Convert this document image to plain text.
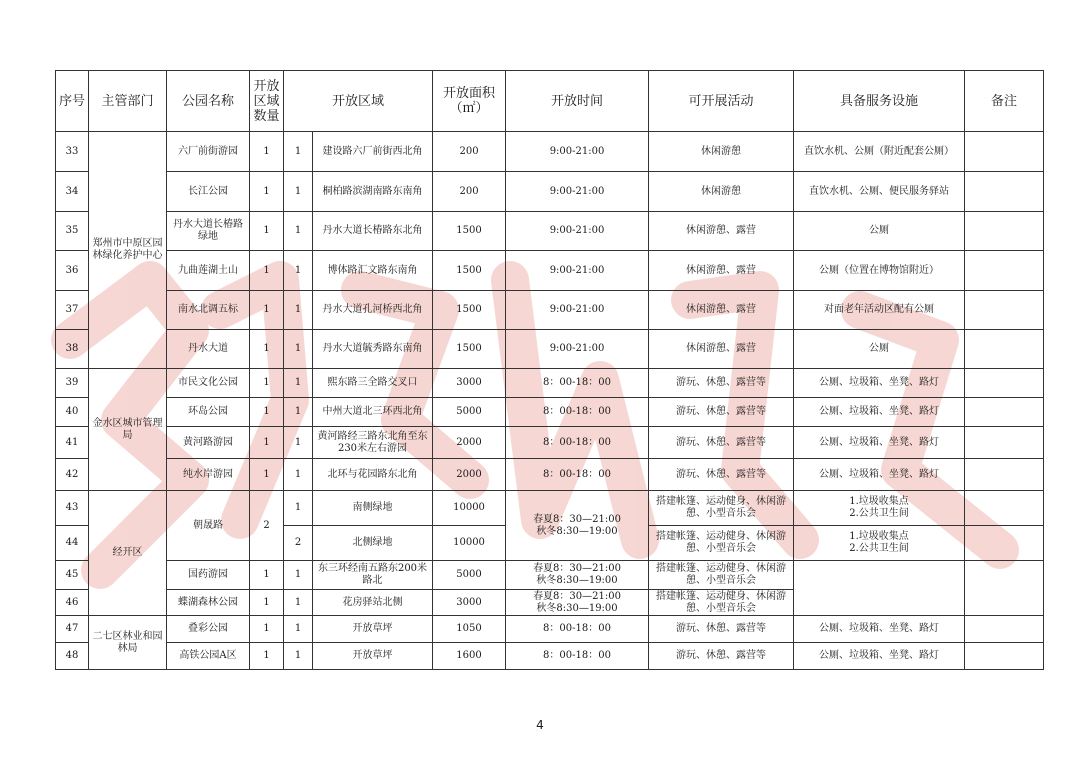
序号	主管部门	公园名称	开放区域数量	开放区域		开放面积（㎡）	开放时间	可开展活动	具备服务设施	备注
33	郑州市中原区园林绿化养护中心	六厂前街游园	1	1	建设路六厂前街西北角	200	9:00-21:00	休闲游憩	直饮水机、公厕（附近配套公厕）	
34		长江公园	1	1	桐柏路滨湖南路东南角	200	9:00-21:00	休闲游憩	直饮水机、公厕、便民服务驿站	
35		丹水大道长椿路绿地	1	1	丹水大道长椿路东北角	1500	9:00-21:00	休闲游憩、露营	公厕	
36		九曲莲湖土山	1	1	博体路汇文路东南角	1500	9:00-21:00	休闲游憩、露营	公厕（位置在博物馆附近）	
37		南水北调五标	1	1	丹水大道孔河桥西北角	1500	9:00-21:00	休闲游憩、露营	对面老年活动区配有公厕	
38		丹水大道	1	1	丹水大道毓秀路东南角	1500	9:00-21:00	休闲游憩、露营	公厕	
39	金水区城市管理局	市民文化公园	1	1	熙东路三全路交叉口	3000	8：00-18：00	游玩、休憩、露营等	公厕、垃圾箱、坐凳、路灯	
40		环岛公园	1	1	中州大道北三环西北角	5000	8：00-18：00	游玩、休憩、露营等	公厕、垃圾箱、坐凳、路灯	
41		黄河路游园	1	1	黄河路经三路东北角至东230米左右游园	2000	8：00-18：00	游玩、休憩、露营等	公厕、垃圾箱、坐凳、路灯	
42		纯水岸游园	1	1	北环与花园路东北角	2000	8：00-18：00	游玩、休憩、露营等	公厕、垃圾箱、坐凳、路灯	
43	经开区	朝晟路	2	1	南侧绿地	10000	春夏8：30—21:00
秋冬8:30—19:00	搭建帐篷、运动健身、休闲游憩、小型音乐会	1.垃圾收集点
2.公共卫生间	
44				2	北侧绿地	10000		搭建帐篷、运动健身、休闲游憩、小型音乐会	1.垃圾收集点
2.公共卫生间	
45		国药游园	1	1	东三环经南五路东200米路北	5000	春夏8：30—21:00
秋冬8:30—19:00	搭建帐篷、运动健身、休闲游憩、小型音乐会		
46		蝶湖森林公园	1	1	花房驿站北侧	3000	春夏8：30—21:00
秋冬8:30—19:00	搭建帐篷、运动健身、休闲游憩、小型音乐会		
47	二七区林业和园林局	叠彩公园	1	1	开放草坪	1050	8：00-18：00	游玩、休憩、露营等	公厕、垃圾箱、坐凳、路灯	
48		高铁公园A区	1	1	开放草坪	1600	8：00-18：00	游玩、休憩、露营等	公厕、垃圾箱、坐凳、路灯	
4
